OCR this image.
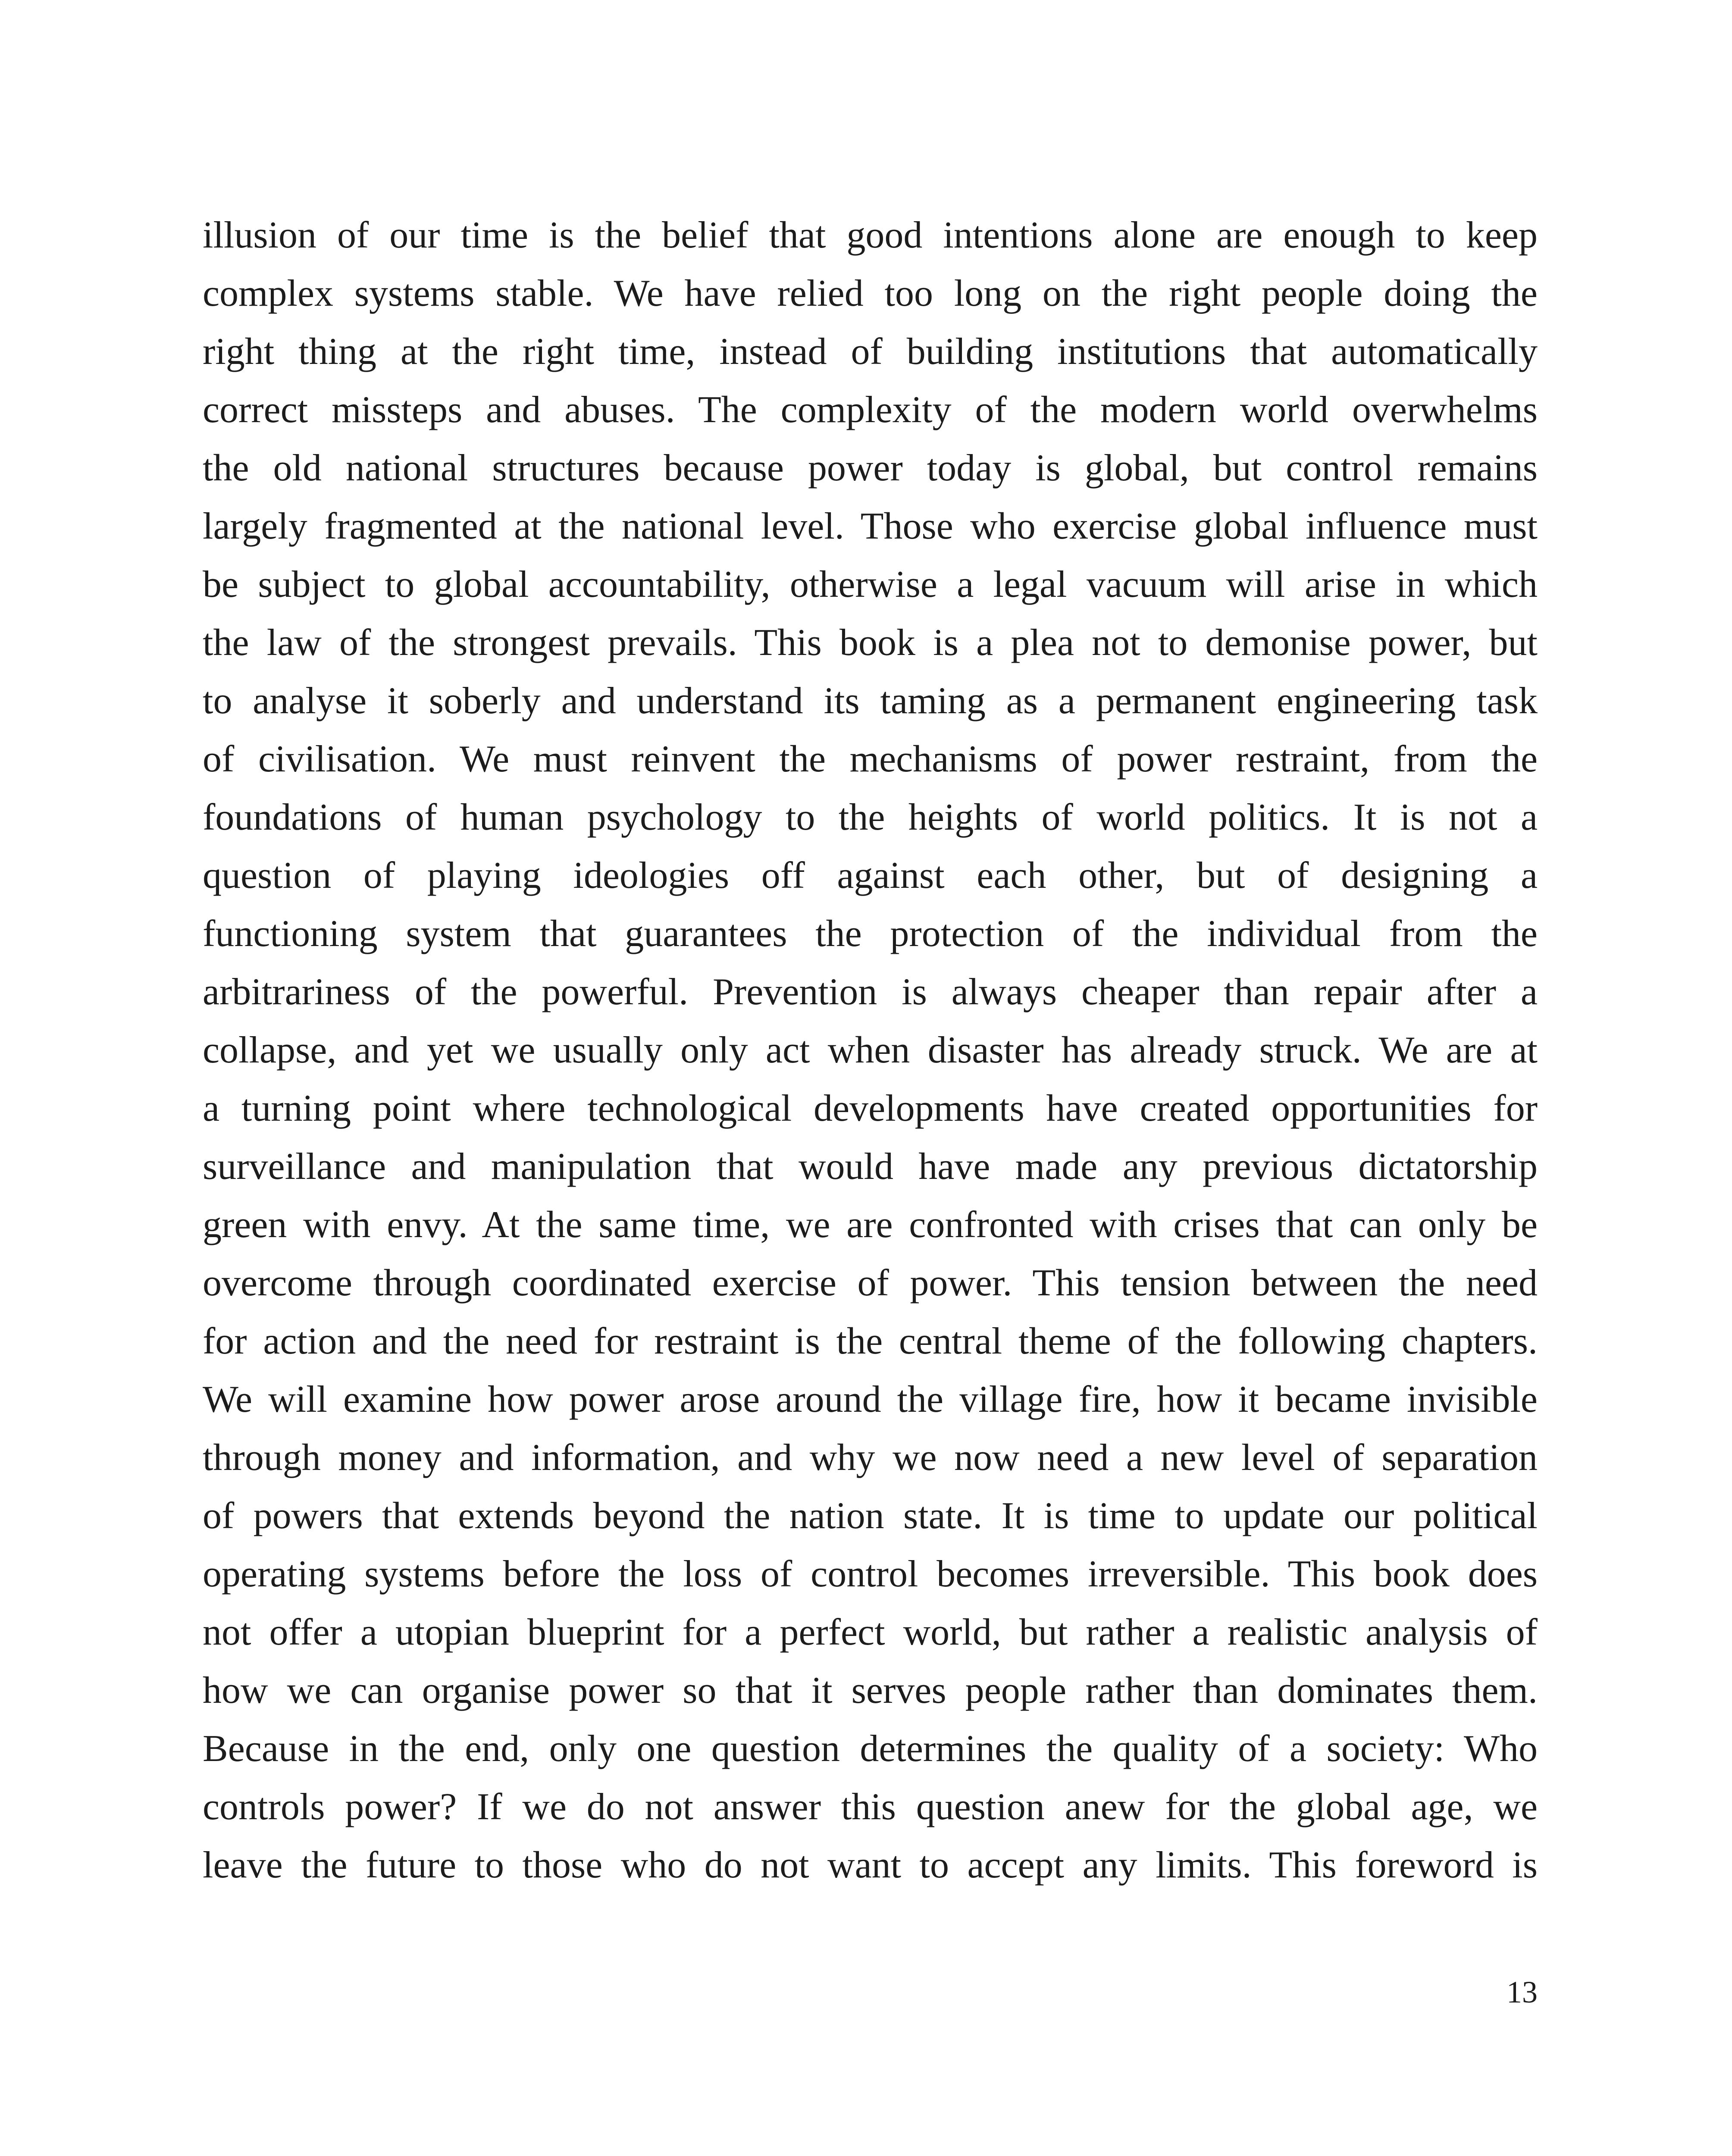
illusion of our time is the belief that good intentions alone are enough to keep
complex systems stable. We have relied too long on the right people doing the
right thing at the right time, instead of building institutions that automatically
correct missteps and abuses. The complexity of the modern world overwhelms
the old national structures because power today is global, but control remains
largely fragmented at the national level. Those who exercise global influence must
be subject to global accountability, otherwise a legal vacuum will arise in which
the law of the strongest prevails. This book is a plea not to demonise power, but
to analyse it soberly and understand its taming as a permanent engineering task
of civilisation. We must reinvent the mechanisms of power restraint, from the
foundations of human psychology to the heights of world politics. It is not a
question of playing ideologies off against each other, but of designing a
functioning system that guarantees the protection of the individual from the
arbitrariness of the powerful. Prevention is always cheaper than repair after a
collapse, and yet we usually only act when disaster has already struck. We are at
a turning point where technological developments have created opportunities for
surveillance and manipulation that would have made any previous dictatorship
green with envy. At the same time, we are confronted with crises that can only be
overcome through coordinated exercise of power. This tension between the need
for action and the need for restraint is the central theme of the following chapters.
We will examine how power arose around the village fire, how it became invisible
through money and information, and why we now need a new level of separation
of powers that extends beyond the nation state. It is time to update our political
operating systems before the loss of control becomes irreversible. This book does
not offer a utopian blueprint for a perfect world, but rather a realistic analysis of
how we can organise power so that it serves people rather than dominates them.
Because in the end, only one question determines the quality of a society: Who
controls power? If we do not answer this question anew for the global age, we
leave the future to those who do not want to accept any limits. This foreword is
13
